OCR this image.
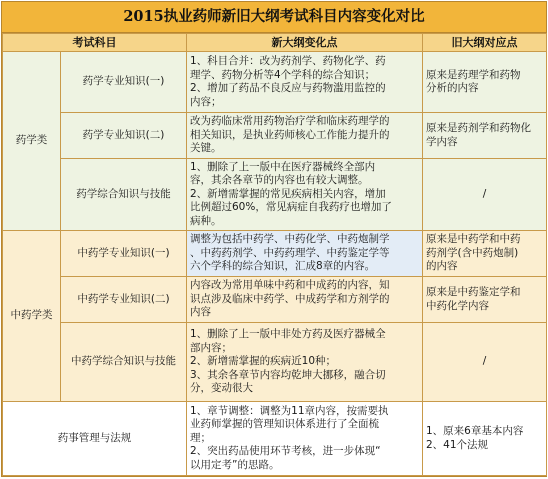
2015执业药师新旧大纲考试科目内容变化对比
考试科目		新大纲变化点	旧大纲对应点
药学类	药学专业知识(一)	1、科目合并：改为药剂学、药物化学、药
理学、药物分析等4个学科的综合知识；
2、增加了药品不良反应与药物滥用监控的
内容；	原来是药理学和药物
分析的内容

	药学专业知识(二)	改为药临床常用药物治疗学和临床药理学的
相关知识，是执业药师核心工作能力提升的
关键。	原来是药剂学和药物化
学内容

	药学综合知识与技能	1、删除了上一版中在医疗器械终全部内
容，其余各章节的内容也有较大调整。
2、新增需掌握的常见疾病相关内容，增加
比例超过60%，常见病症自我药疗也增加了
病种。	/
中药学类	中药学专业知识(一)	调整为包括中药学、中药化学、中药炮制学
、中药药剂学、中药药理学、中药鉴定学等
六个学科的综合知识，汇成8章的内容。	原来是中药学和中药
药剂学(含中药炮制)
的内容

	中药学专业知识(二)	内容改为常用单味中药和中成药的内容，知
识点涉及临床中药学、中成药学和方剂学的
内容	原来是中药鉴定学和
中药化学内容

	中药学综合知识与技能	1、删除了上一版中非处方药及医疗器械全
部内容；
2、新增需掌握的疾病近10种；
3、其余各章节内容均乾坤大挪移，融合切
分，变动很大	/
药事管理与法规		1、章节调整：调整为11章内容，按需要执
业药师掌握的管理知识体系进行了全面梳
理；
2、突出药品使用环节考核，进一步体现“
以用定考”的思路。	1、原来6章基本内容
2、41个法规
